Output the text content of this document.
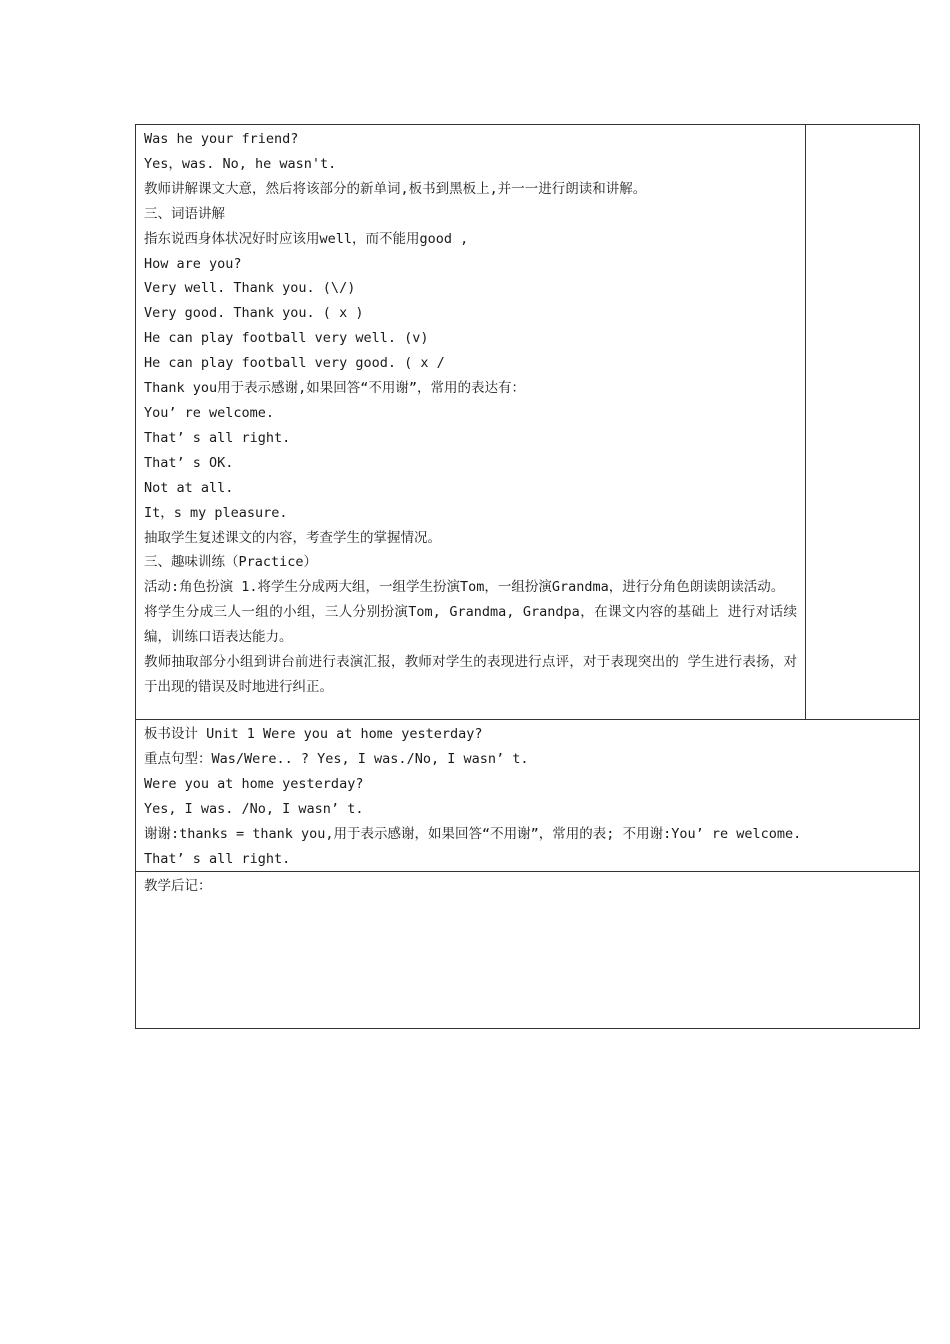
Was he your friend?
Yes，was. No, he wasn't.
教师讲解课文大意，然后将该部分的新单词,板书到黑板上,并一一进行朗读和讲解。
三、词语讲解
指东说西身体状况好时应该用well，而不能用good ,
How are you?
Very well. Thank you. (\/)
Very good. Thank you. ( x )
He can play football very well. (v)
He can play football very good. ( x /
Thank you用于表示感谢,如果回答“不用谢”，常用的表达有：
You’ re welcome.
That’ s all right.
That’ s OK.
Not at all.
It，s my pleasure.
抽取学生复述课文的内容，考查学生的掌握情况。
三、趣味训练（Practice）
活动:角色扮演 1.将学生分成两大组，一组学生扮演Tom，一组扮演Grandma，进行分角色朗读朗读活动。
将学生分成三人一组的小组，三人分别扮演Tom, Grandma, Grandpa，在课文内容的基础上 进行对话续编，训练口语表达能力。
教师抽取部分小组到讲台前进行表演汇报，教师对学生的表现进行点评，对于表现突出的 学生进行表扬，对于出现的错误及时地进行纠正。

板书设计 Unit 1 Were you at home yesterday?
重点句型：Was/Were.. ? Yes, I was./No, I wasn’ t.
Were you at home yesterday?
Yes, I was. /No, I wasn’ t.
谢谢:thanks = thank you,用于表示感谢，如果回答“不用谢”，常用的表; 不用谢:You’ re welcome.
That’ s all right.

教学后记：
